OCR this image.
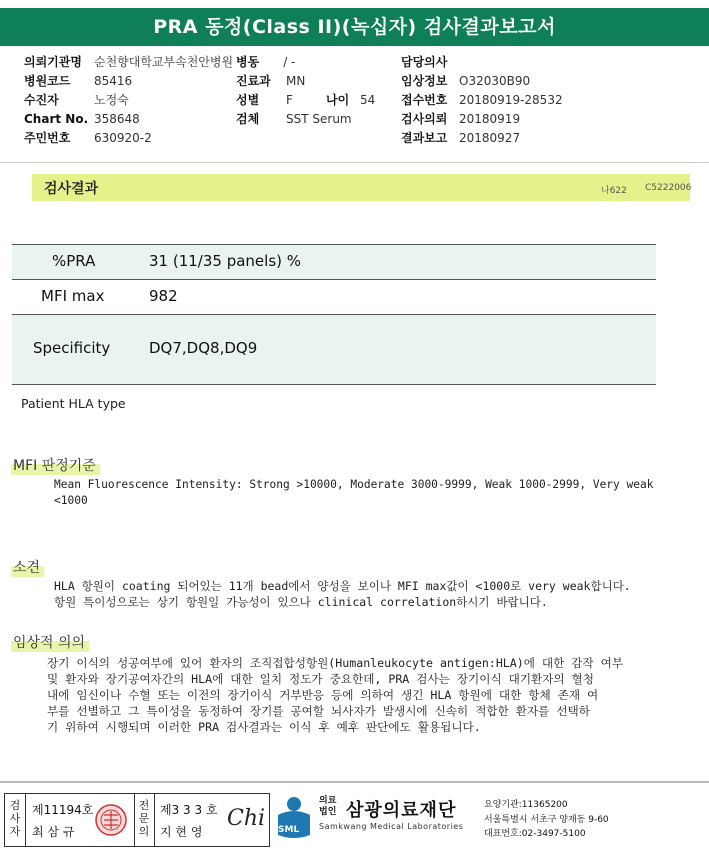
PRA 동정(Class II)(녹십자) 검사결과보고서
의뢰기관명 순천향대학교부속천안병원
병원코드 85416
수진자	노정숙
Chart No. 358648
주민번호 630920-2
병동 / -
진료과 MN
성별 F	나이 54
검체 SST Serum
담당의사
임상정보 O32030B90
접수번호 20180919-28532
검사의뢰 20180919
결과보고 20180927
검사결과	나622 C5222006
%PRA	31 (11/35 panels) %
MFI max	982
Specificity	DQ7,DQ8,DQ9
Patient HLA type
MFI 판정기준
Mean Fluorescence Intensity: Strong >10000, Moderate 3000-9999, Weak 1000-2999, Very weak
<1000
소견
HLA 항원이 coating 되어있는 11개 bead에서 양성을 보이나 MFI max값이 <1000로 very weak합니다.
항원 특이성으로는 상기 항원일 가능성이 있으나 clinical correlation하시기 바랍니다.
임상적 의의
장기 이식의 성공여부에 있어 환자의 조직접합성항원(Humanleukocyte antigen:HLA)에 대한 감작 여부
및 환자와 장기공여자간의 HLA에 대한 일치 정도가 중요한데, PRA 검사는 장기이식 대기환자의 혈청
내에 임신이나 수혈 또는 이전의 장기이식 거부반응 등에 의하여 생긴 HLA 항원에 대한 항체 존재 여
부를 선별하고 그 특이성을 동정하여 장기를 공여할 뇌사자가 발생시에 신속히 적합한 환자를 선택하
기 위하여 시행되며 이러한 PRA 검사결과는 이식 후 예후 판단에도 활용됩니다.
검
사
자
제11194호
최 삼 규
전
문
의
제3 3 3 호
지 현 영
Chi SML
의료
법인 삼광의료재단
Samkwang Medical Laboratories
요양기관:11365200
서울특별시 서초구 양재동 9-60
대표번호:02-3497-5100
